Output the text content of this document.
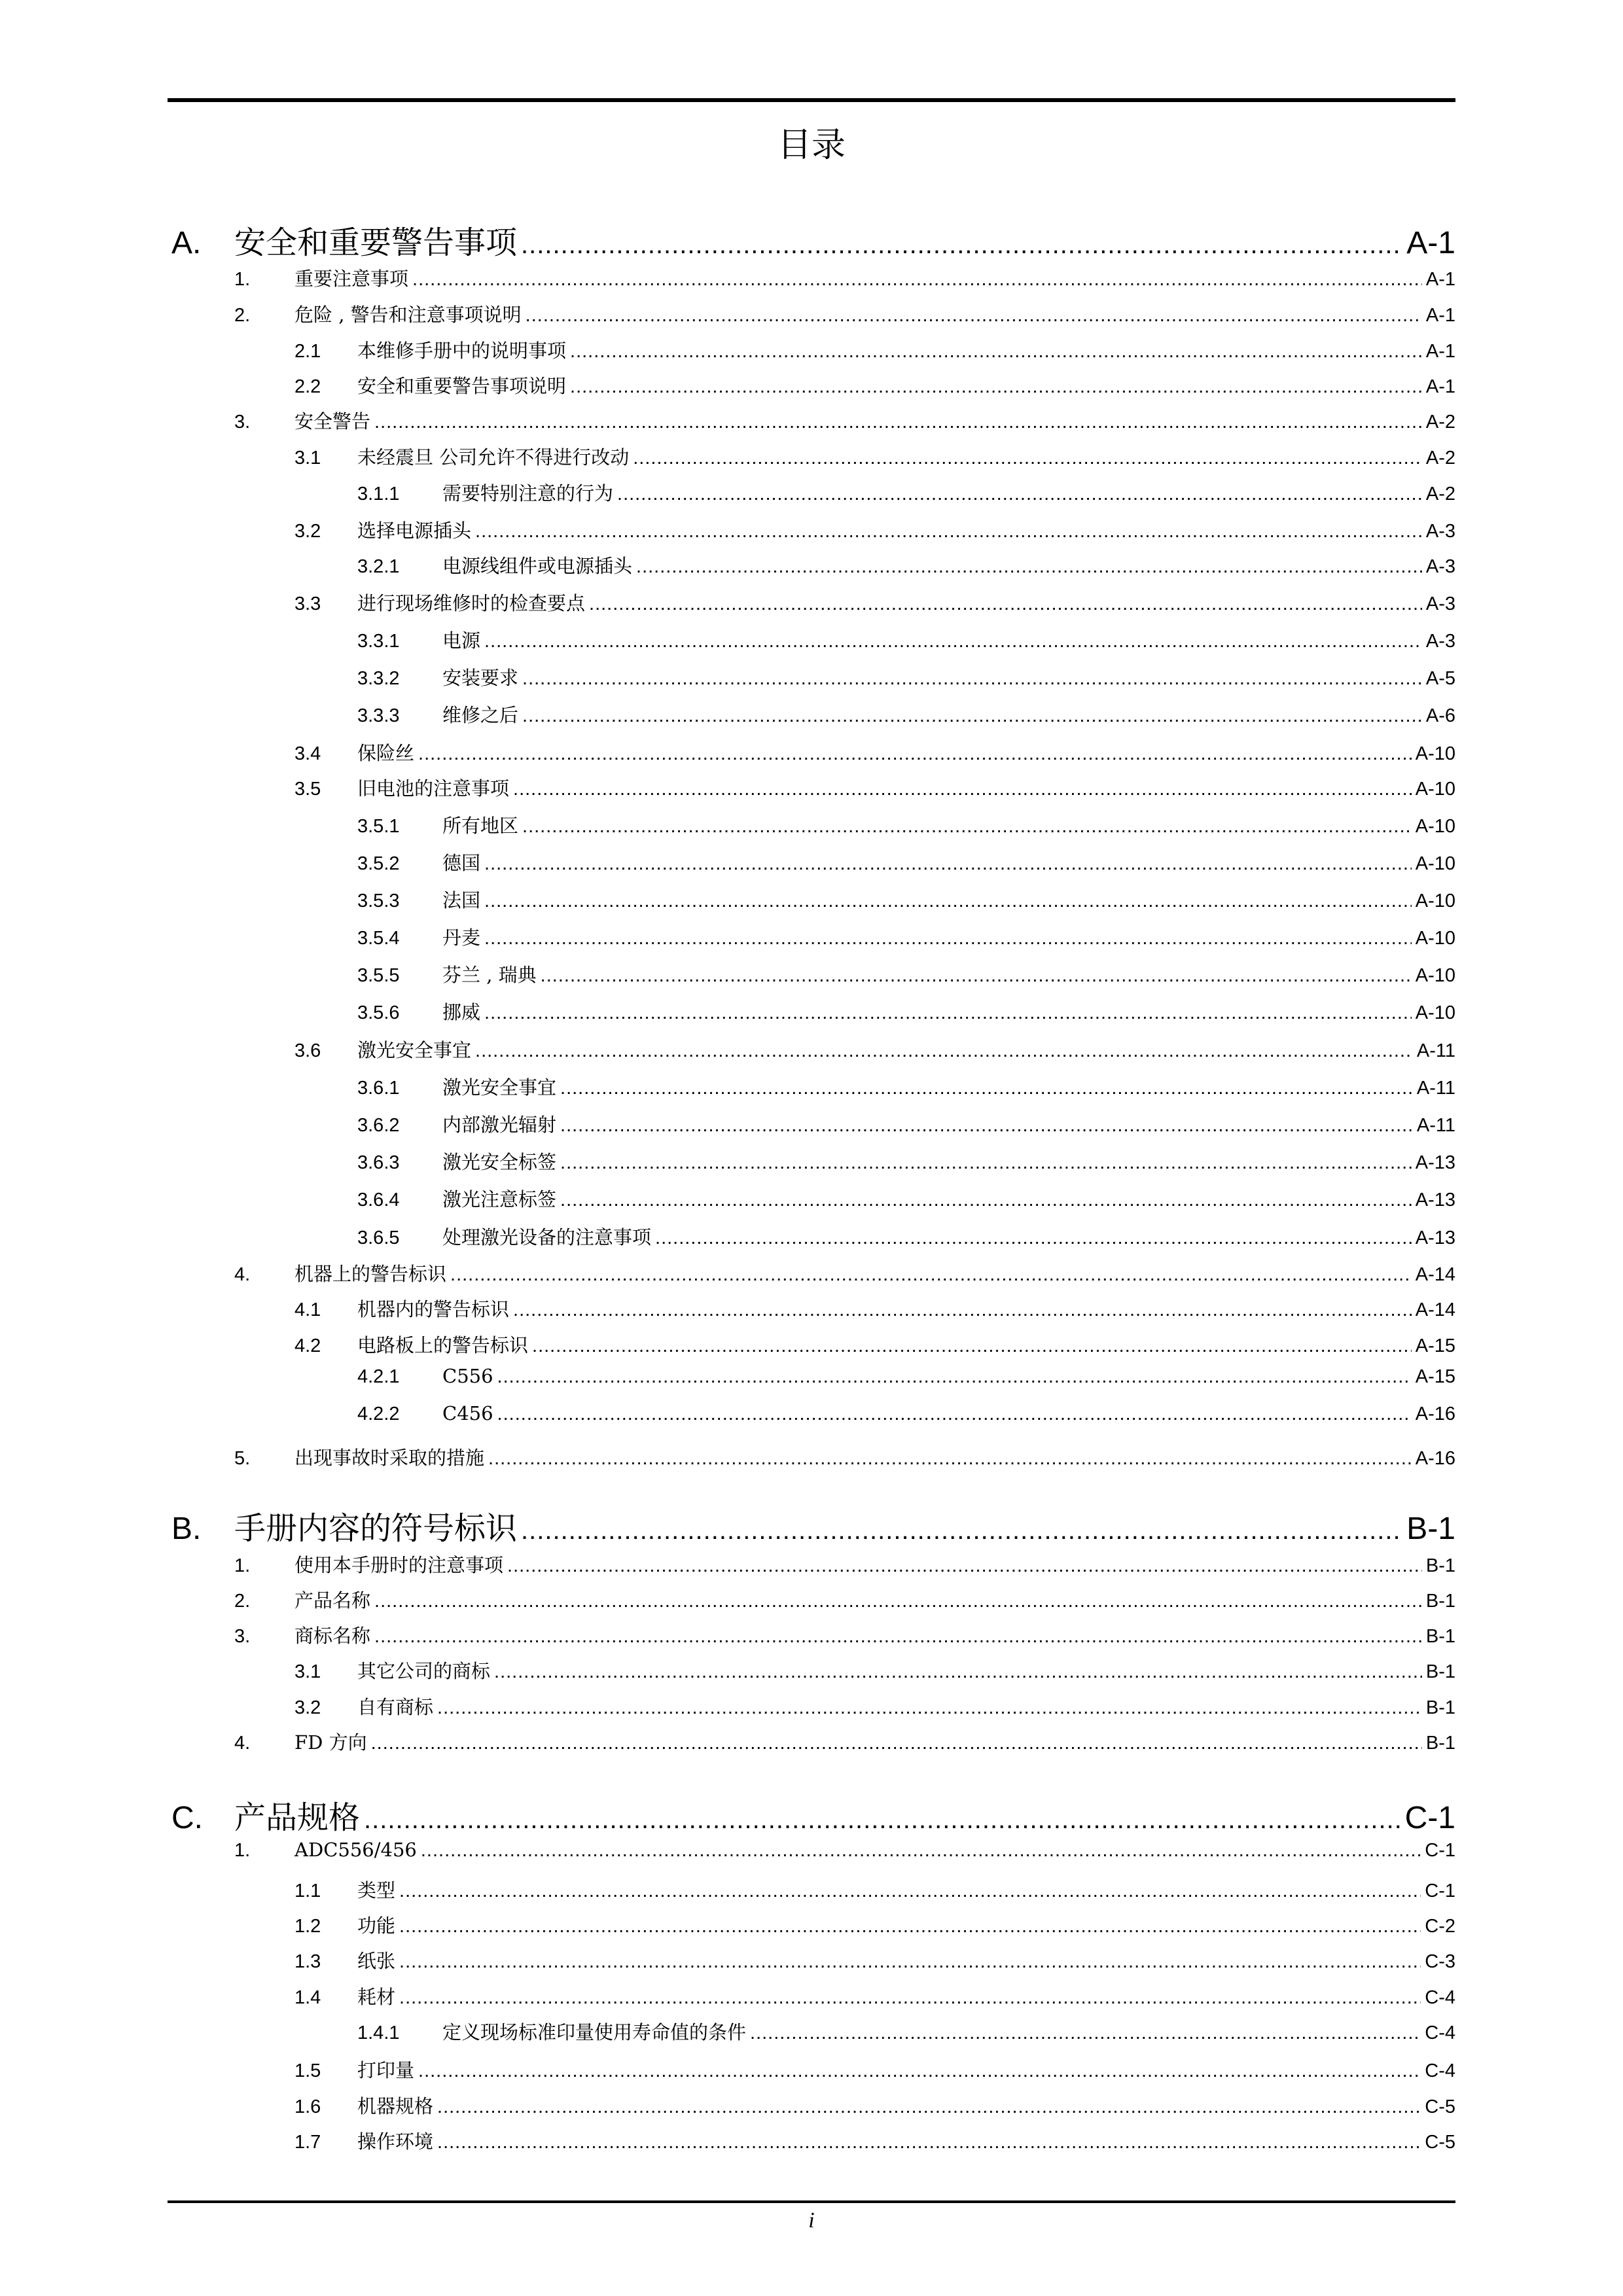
目录
A.	安全和重要警告事项 .....	A-1
1.	重要注意事项 .....	A-1
2.	危险 , 警告和注意事项说明 .....	A-1
2.1	本维修手册中的说明事项 .....	A-1
2.2	安全和重要警告事项说明 .....	A-1
3.	安全警告 .....	A-2
3.1	未经震旦 公司允许不得进行改动 .....	A-2
3.1.1	需要特别注意的行为 .....	A-2
3.2	选择电源插头 .....	A-3
3.2.1	电源线组件或电源插头 .....	A-3
3.3	进行现场维修时的检查要点 .....	A-3
3.3.1	电源 .....	A-3
3.3.2	安装要求 .....	A-5
3.3.3	维修之后 .....	A-6
3.4	保险丝 .....	A-10
3.5	旧电池的注意事项 .....	A-10
3.5.1	所有地区 .....	A-10
3.5.2	德国 .....	A-10
3.5.3	法国 .....	A-10
3.5.4	丹麦 .....	A-10
3.5.5	芬兰 , 瑞典 .....	A-10
3.5.6	挪威 .....	A-10
3.6	激光安全事宜 .....	A-11
3.6.1	激光安全事宜 .....	A-11
3.6.2	内部激光辐射 .....	A-11
3.6.3	激光安全标签 .....	A-13
3.6.4	激光注意标签 .....	A-13
3.6.5	处理激光设备的注意事项 .....	A-13
4.	机器上的警告标识 .....	A-14
4.1	机器内的警告标识 .....	A-14
4.2	电路板上的警告标识 .....	A-15
4.2.1	C556 .....	A-15
4.2.2	C456 .....	A-16
5.	出现事故时采取的措施 .....	A-16
B.	手册内容的符号标识 .....	B-1
1.	使用本手册时的注意事项 .....	B-1
2.	产品名称 .....	B-1
3.	商标名称 .....	B-1
3.1	其它公司的商标 .....	B-1
3.2	自有商标 .....	B-1
4.	FD 方向 .....	B-1
C.	产品规格 .....	C-1
1.	ADC556/456 .....	C-1
1.1	类型 .....	C-1
1.2	功能 .....	C-2
1.3	纸张 .....	C-3
1.4	耗材 .....	C-4
1.4.1	定义现场标准印量使用寿命值的条件 .....	C-4
1.5	打印量 .....	C-4
1.6	机器规格 .....	C-5
1.7	操作环境 .....	C-5
i
